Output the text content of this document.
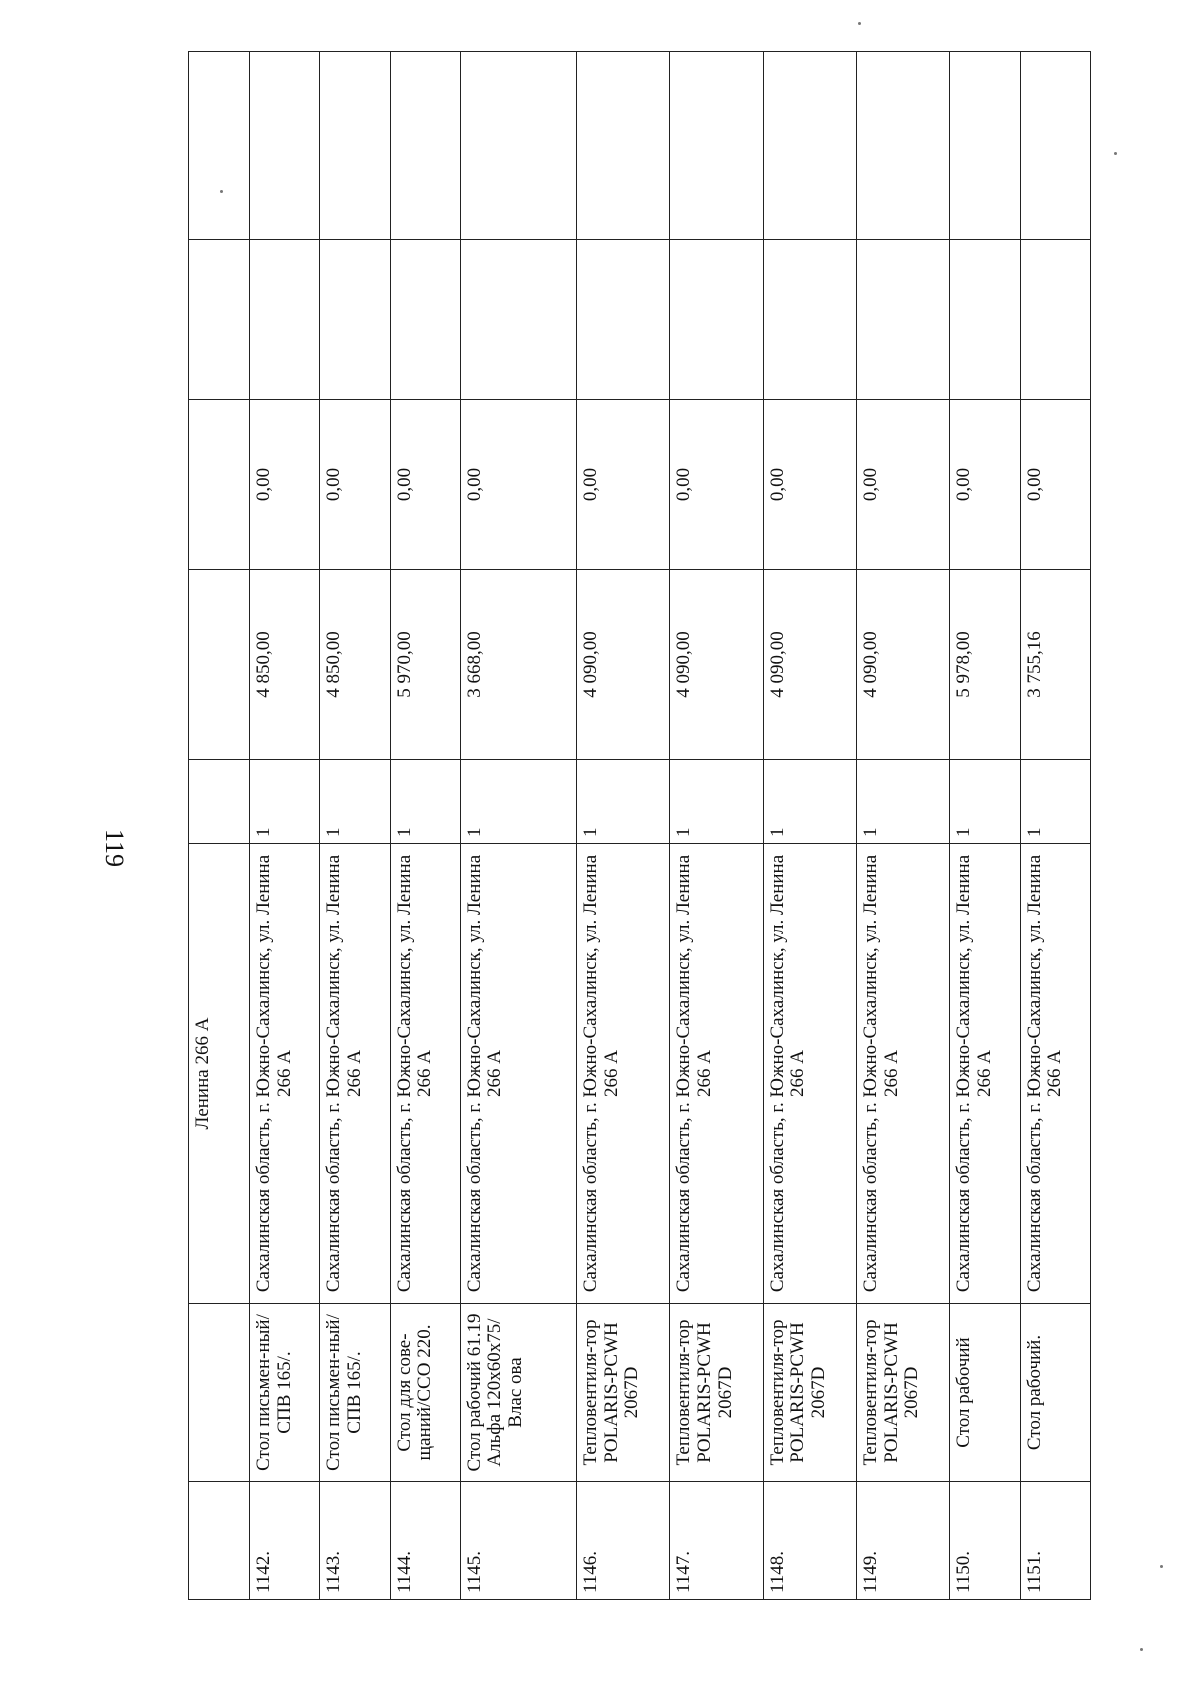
119
		Ленина 266 А					
1142.	Стол письмен-ный/СПВ 165/.	Сахалинская область, г. Южно-Сахалинск, ул. Ленина 266 А	1	4 850,00	0,00		
1143.	Стол письмен-ный/СПВ 165/.	Сахалинская область, г. Южно-Сахалинск, ул. Ленина 266 А	1	4 850,00	0,00		
1144.	Стол для сове-щаний/ССО 220.	Сахалинская область, г. Южно-Сахалинск, ул. Ленина 266 А	1	5 970,00	0,00		
1145.	Стол рабочий 61.19 Альфа 120х60х75/Влас ова	Сахалинская область, г. Южно-Сахалинск, ул. Ленина 266 А	1	3 668,00	0,00		
1146.	Тепловентиля-тор POLARIS-PCWH 2067D	Сахалинская область, г. Южно-Сахалинск, ул. Ленина 266 А	1	4 090,00	0,00		
1147.	Тепловентиля-тор POLARIS-PCWH 2067D	Сахалинская область, г. Южно-Сахалинск, ул. Ленина 266 А	1	4 090,00	0,00		
1148.	Тепловентиля-тор POLARIS-PCWH 2067D	Сахалинская область, г. Южно-Сахалинск, ул. Ленина 266 А	1	4 090,00	0,00		
1149.	Тепловентиля-тор POLARIS-PCWH 2067D	Сахалинская область, г. Южно-Сахалинск, ул. Ленина 266 А	1	4 090,00	0,00		
1150.	Стол рабочий	Сахалинская область, г. Южно-Сахалинск, ул. Ленина 266 А	1	5 978,00	0,00		
1151.	Стол рабочий.	Сахалинская область, г. Южно-Сахалинск, ул. Ленина 266 А	1	3 755,16	0,00		
